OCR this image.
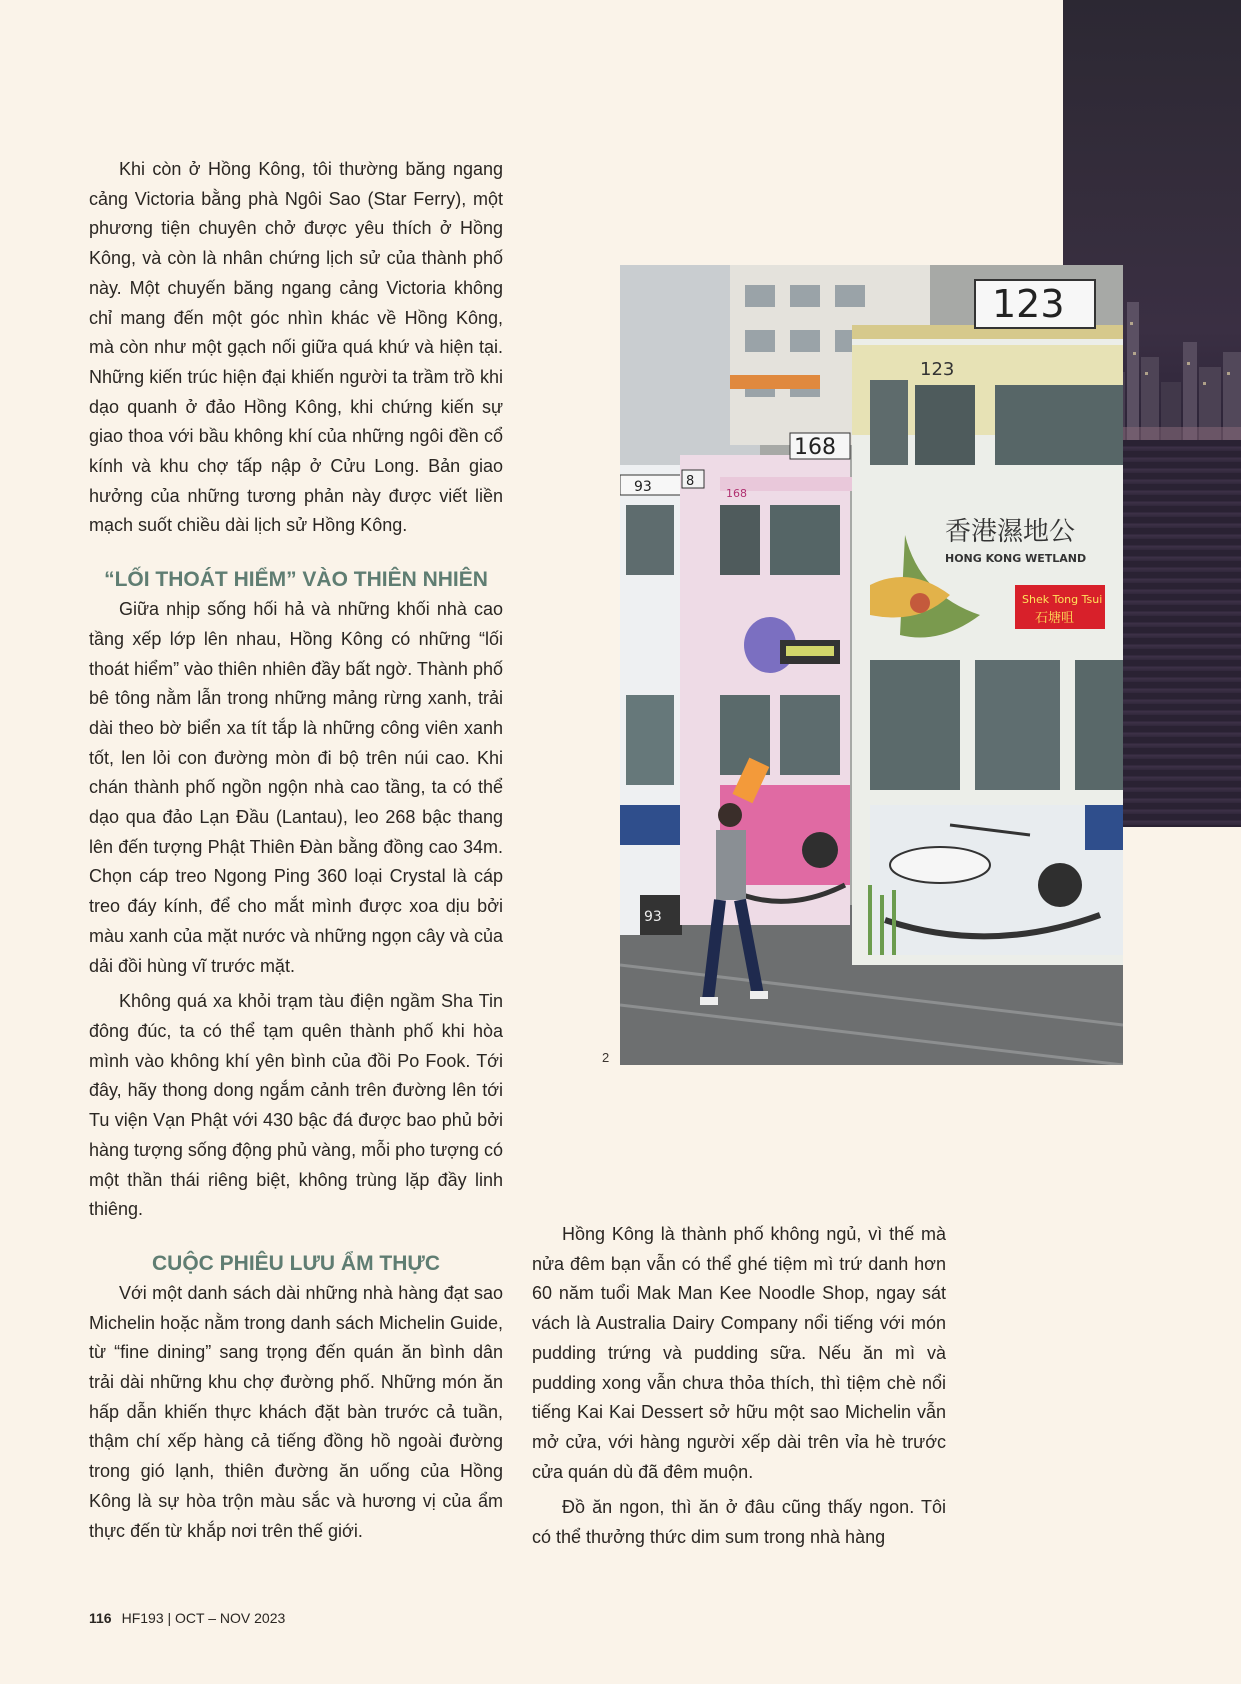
93
93
8
168
168
123
123
香港濕地公
HONG KONG WETLAND
Shek Tong Tsui
石塘咀
2

Khi còn ở Hồng Kông, tôi thường băng ngang cảng Victoria bằng phà Ngôi Sao (Star Ferry), một phương tiện chuyên chở được yêu thích ở Hồng Kông, và còn là nhân chứng lịch sử của thành phố này. Một chuyến băng ngang cảng Victoria không chỉ mang đến một góc nhìn khác về Hồng Kông, mà còn như một gạch nối giữa quá khứ và hiện tại. Những kiến trúc hiện đại khiến người ta trầm trồ khi dạo quanh ở đảo Hồng Kông, khi chứng kiến sự giao thoa với bầu không khí của những ngôi đền cổ kính và khu chợ tấp nập ở Cửu Long. Bản giao hưởng của những tương phản này được viết liền mạch suốt chiều dài lịch sử Hồng Kông.

“LỐI THOÁT HIỂM” VÀO THIÊN NHIÊN

Giữa nhịp sống hối hả và những khối nhà cao tầng xếp lớp lên nhau, Hồng Kông có những “lối thoát hiểm” vào thiên nhiên đầy bất ngờ. Thành phố bê tông nằm lẫn trong những mảng rừng xanh, trải dài theo bờ biển xa tít tắp là những công viên xanh tốt, len lỏi con đường mòn đi bộ trên núi cao. Khi chán thành phố ngồn ngộn nhà cao tầng, ta có thể dạo qua đảo Lạn Đầu (Lantau), leo 268 bậc thang lên đến tượng Phật Thiên Đàn bằng đồng cao 34m. Chọn cáp treo Ngong Ping 360 loại Crystal là cáp treo đáy kính, để cho mắt mình được xoa dịu bởi màu xanh của mặt nước và những ngọn cây và của dải đồi hùng vĩ trước mặt.

Không quá xa khỏi trạm tàu điện ngầm Sha Tin đông đúc, ta có thể tạm quên thành phố khi hòa mình vào không khí yên bình của đồi Po Fook. Tới đây, hãy thong dong ngắm cảnh trên đường lên tới Tu viện Vạn Phật với 430 bậc đá được bao phủ bởi hàng tượng sống động phủ vàng, mỗi pho tượng có một thần thái riêng biệt, không trùng lặp đầy linh thiêng.

CUỘC PHIÊU LƯU ẨM THỰC

Với một danh sách dài những nhà hàng đạt sao Michelin hoặc nằm trong danh sách Michelin Guide, từ “fine dining” sang trọng đến quán ăn bình dân trải dài những khu chợ đường phố. Những món ăn hấp dẫn khiến thực khách đặt bàn trước cả tuần, thậm chí xếp hàng cả tiếng đồng hồ ngoài đường trong gió lạnh, thiên đường ăn uống của Hồng Kông là sự hòa trộn màu sắc và hương vị của ẩm thực đến từ khắp nơi trên thế giới.

Hồng Kông là thành phố không ngủ, vì thế mà nửa đêm bạn vẫn có thể ghé tiệm mì trứ danh hơn 60 năm tuổi Mak Man Kee Noodle Shop, ngay sát vách là Australia Dairy Company nổi tiếng với món pudding trứng và pudding sữa. Nếu ăn mì và pudding xong vẫn chưa thỏa thích, thì tiệm chè nổi tiếng Kai Kai Dessert sở hữu một sao Michelin vẫn mở cửa, với hàng người xếp dài trên vỉa hè trước cửa quán dù đã đêm muộn.

Đồ ăn ngon, thì ăn ở đâu cũng thấy ngon. Tôi có thể thưởng thức dim sum trong nhà hàng

116 HF193 | OCT – NOV 2023
